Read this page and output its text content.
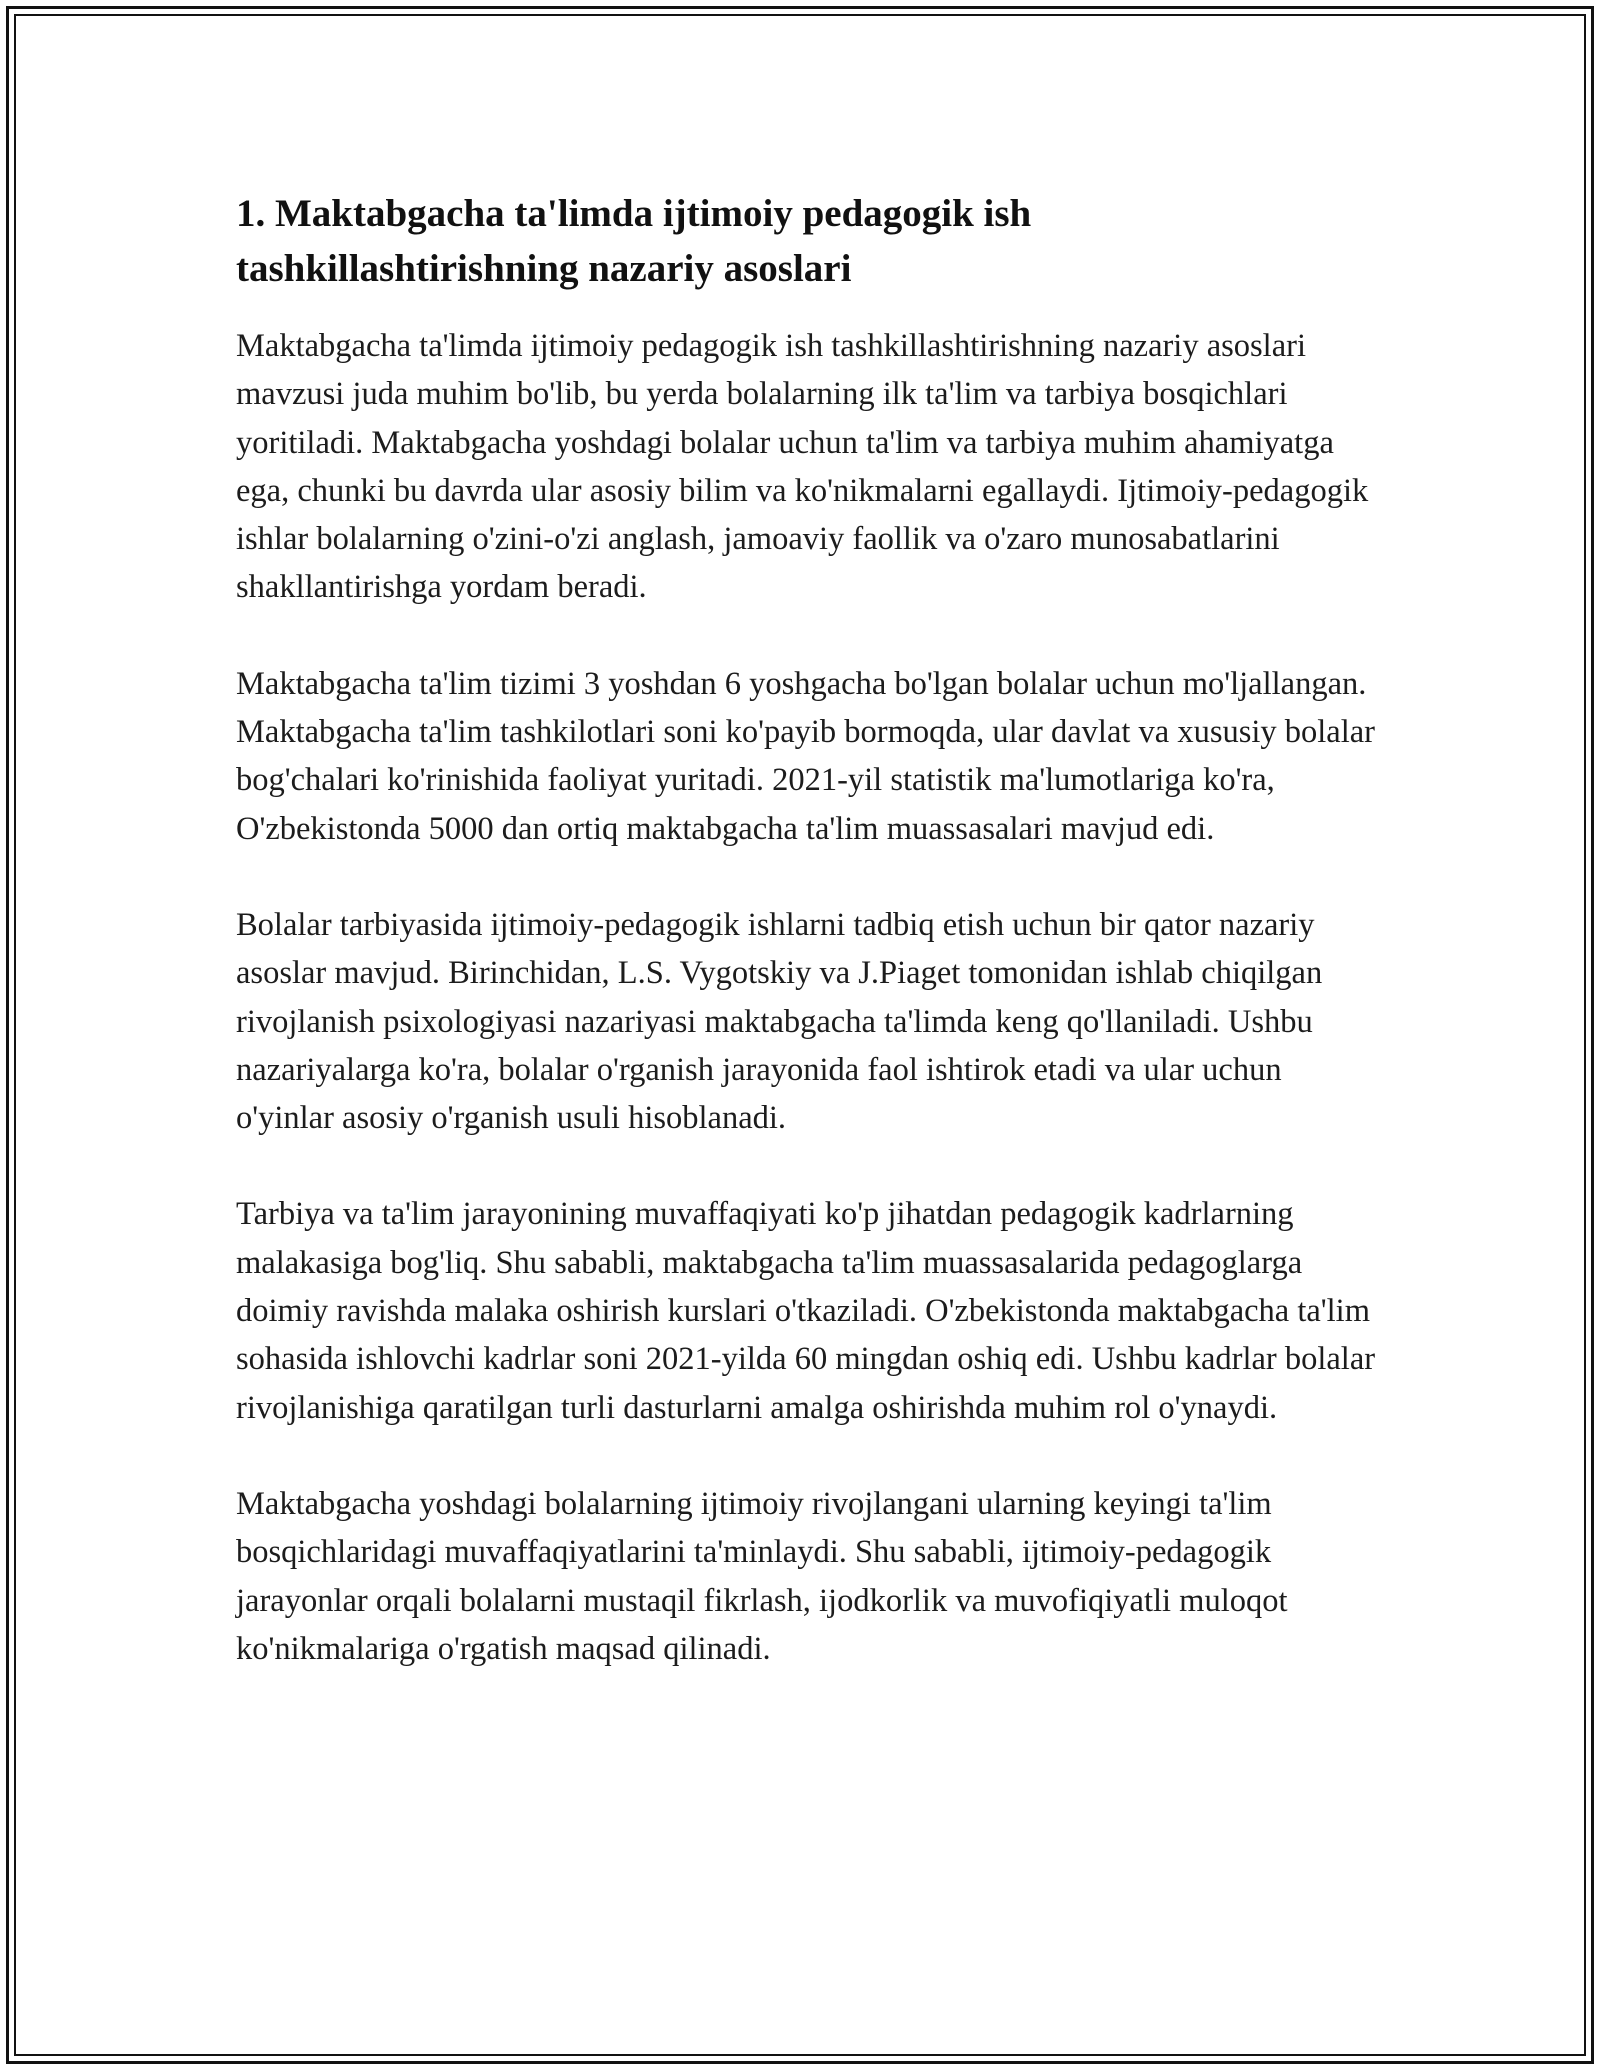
1. Maktabgacha ta'limda ijtimoiy pedagogik ish tashkillashtirishning nazariy asoslari

Maktabgacha ta'limda ijtimoiy pedagogik ish tashkillashtirishning nazariy asoslari mavzusi juda muhim bo'lib, bu yerda bolalarning ilk ta'lim va tarbiya bosqichlari yoritiladi. Maktabgacha yoshdagi bolalar uchun ta'lim va tarbiya muhim ahamiyatga ega, chunki bu davrda ular asosiy bilim va ko'nikmalarni egallaydi. Ijtimoiy-pedagogik ishlar bolalarning o'zini-o'zi anglash, jamoaviy faollik va o'zaro munosabatlarini shakllantirishga yordam beradi.

Maktabgacha ta'lim tizimi 3 yoshdan 6 yoshgacha bo'lgan bolalar uchun mo'ljallangan. Maktabgacha ta'lim tashkilotlari soni ko'payib bormoqda, ular davlat va xususiy bolalar bog'chalari ko'rinishida faoliyat yuritadi. 2021-yil statistik ma'lumotlariga ko'ra, O'zbekistonda 5000 dan ortiq maktabgacha ta'lim muassasalari mavjud edi.

Bolalar tarbiyasida ijtimoiy-pedagogik ishlarni tadbiq etish uchun bir qator nazariy asoslar mavjud. Birinchidan, L.S. Vygotskiy va J.Piaget tomonidan ishlab chiqilgan rivojlanish psixologiyasi nazariyasi maktabgacha ta'limda keng qo'llaniladi. Ushbu nazariyalarga ko'ra, bolalar o'rganish jarayonida faol ishtirok etadi va ular uchun o'yinlar asosiy o'rganish usuli hisoblanadi.

Tarbiya va ta'lim jarayonining muvaffaqiyati ko'p jihatdan pedagogik kadrlarning malakasiga bog'liq. Shu sababli, maktabgacha ta'lim muassasalarida pedagoglarga doimiy ravishda malaka oshirish kurslari o'tkaziladi. O'zbekistonda maktabgacha ta'lim sohasida ishlovchi kadrlar soni 2021-yilda 60 mingdan oshiq edi. Ushbu kadrlar bolalar rivojlanishiga qaratilgan turli dasturlarni amalga oshirishda muhim rol o'ynaydi.

Maktabgacha yoshdagi bolalarning ijtimoiy rivojlangani ularning keyingi ta'lim bosqichlaridagi muvaffaqiyatlarini ta'minlaydi. Shu sababli, ijtimoiy-pedagogik jarayonlar orqali bolalarni mustaqil fikrlash, ijodkorlik va muvofiqiyatli muloqot ko'nikmalariga o'rgatish maqsad qilinadi.
